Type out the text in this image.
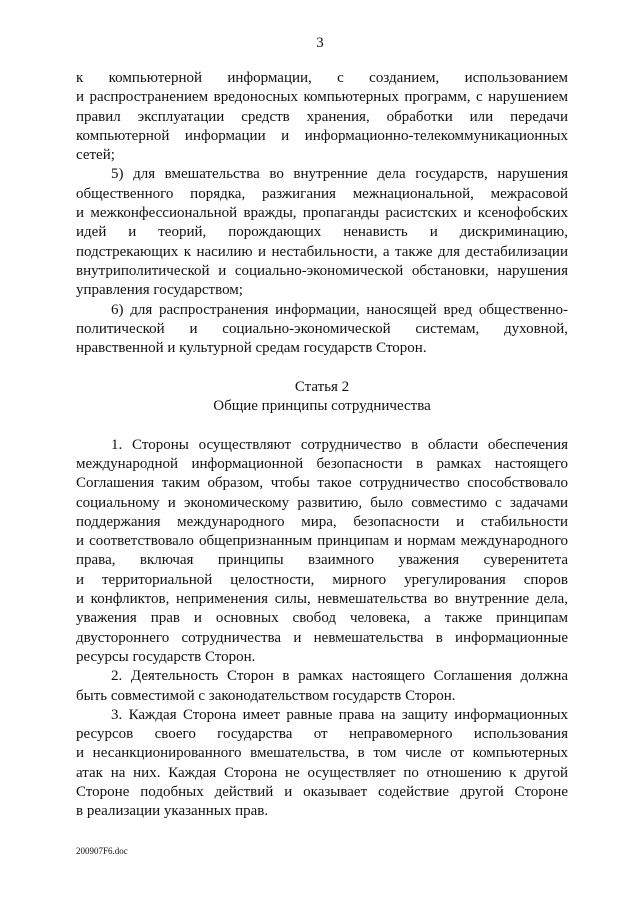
3
к компьютерной информации, с созданием, использованием
и распространением вредоносных компьютерных программ, с нарушением
правил эксплуатации средств хранения, обработки или передачи
компьютерной информации и информационно-телекоммуникационных
сетей;
5) для вмешательства во внутренние дела государств, нарушения
общественного порядка, разжигания межнациональной, межрасовой
и межконфессиональной вражды, пропаганды расистских и ксенофобских
идей и теорий, порождающих ненависть и дискриминацию,
подстрекающих к насилию и нестабильности, а также для дестабилизации
внутриполитической и социально-экономической обстановки, нарушения
управления государством;
6) для распространения информации, наносящей вред общественно-
политической и социально-экономической системам, духовной,
нравственной и культурной средам государств Сторон.
Статья 2
Общие принципы сотрудничества
1. Стороны осуществляют сотрудничество в области обеспечения
международной информационной безопасности в рамках настоящего
Соглашения таким образом, чтобы такое сотрудничество способствовало
социальному и экономическому развитию, было совместимо с задачами
поддержания международного мира, безопасности и стабильности
и соответствовало общепризнанным принципам и нормам международного
права, включая принципы взаимного уважения суверенитета
и территориальной целостности, мирного урегулирования споров
и конфликтов, неприменения силы, невмешательства во внутренние дела,
уважения прав и основных свобод человека, а также принципам
двустороннего сотрудничества и невмешательства в информационные
ресурсы государств Сторон.
2. Деятельность Сторон в рамках настоящего Соглашения должна
быть совместимой с законодательством государств Сторон.
3. Каждая Сторона имеет равные права на защиту информационных
ресурсов своего государства от неправомерного использования
и несанкционированного вмешательства, в том числе от компьютерных
атак на них. Каждая Сторона не осуществляет по отношению к другой
Стороне подобных действий и оказывает содействие другой Стороне
в реализации указанных прав.
200907F6.doc
